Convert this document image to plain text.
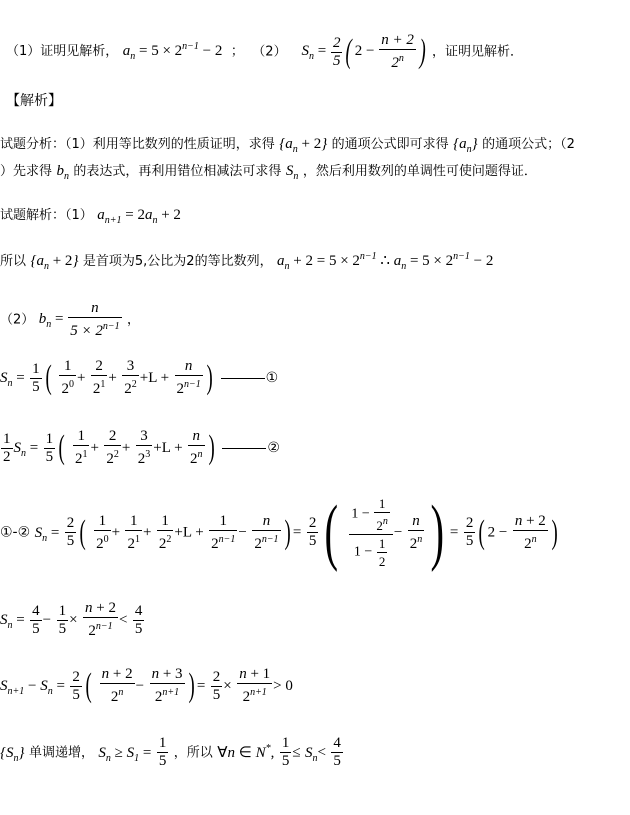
（1）证明见解析， $a_n = 5 \times 2^{n-1} - 2$ ； （2） $S_n = \frac{2}{5}$ ( $2 - \frac{n + 2}{2^n}$ ) ，证明见解析．
【解析】
试题分析：（1）利用等比数列的性质证明，求得 $\{a_n + 2\}$ 的通项公式即可求得 $\{a_n\}$ 的通项公式；（2
）先求得 $b_n$ 的表达式，再利用错位相减法可求得 $S_n$ ，然后利用数列的单调性可使问题得证．
试题解析：（1） $a_{n+1} = 2a_n + 2$
所以 $\{a_n + 2\}$ 是首项为5,公比为2的等比数列， $a_n + 2 = 5 \times 2^{n-1}$ ∴ $a_n = 5 \times 2^{n-1} - 2$
（2） $b_n = \frac{n}{5 \times 2^{n-1}}$ ，
$S_n = \frac{1}{5}$ ( $\frac{1}{2^0} + \frac{2}{2^1} + \frac{3}{2^2} +L + \frac{n}{2^{n-1}}$ )	①
$\frac{1}{2} S_n = \frac{1}{5}$ ( $\frac{1}{2^1} + \frac{2}{2^2} + \frac{3}{2^3} +L + \frac{n}{2^n}$ )	②
①-② $S_n = \frac{2}{5}$ ( $\frac{1}{2^0} + \frac{1}{2^1} + \frac{1}{2^2} +L + \frac{1}{2^{n-1}} - \frac{n}{2^{n-1}}$ ) = $\frac{2}{5}$ ( $\frac{1 - \frac{1}{2^n}}{1 - \frac{1}{2}} - \frac{n}{2^n}$ ) = $\frac{2}{5}$ ( $2 - \frac{n + 2}{2^n}$ )
$S_n = \frac{4}{5} - \frac{1}{5} \times \frac{n + 2}{2^{n-1}} < \frac{4}{5}$
$S_{n+1} - S_n = \frac{2}{5}$ ( $\frac{n + 2}{2^n} - \frac{n + 3}{2^{n+1}}$ ) = $\frac{2}{5} \times \frac{n + 1}{2^{n+1}} > 0$
$\{S_n\}$ 单调递增， $S_n \ge S_1 = \frac{1}{5}$ ，所以 ∀n ∈ N*, $\frac{1}{5} \le S_n< \frac{4}{5}$
